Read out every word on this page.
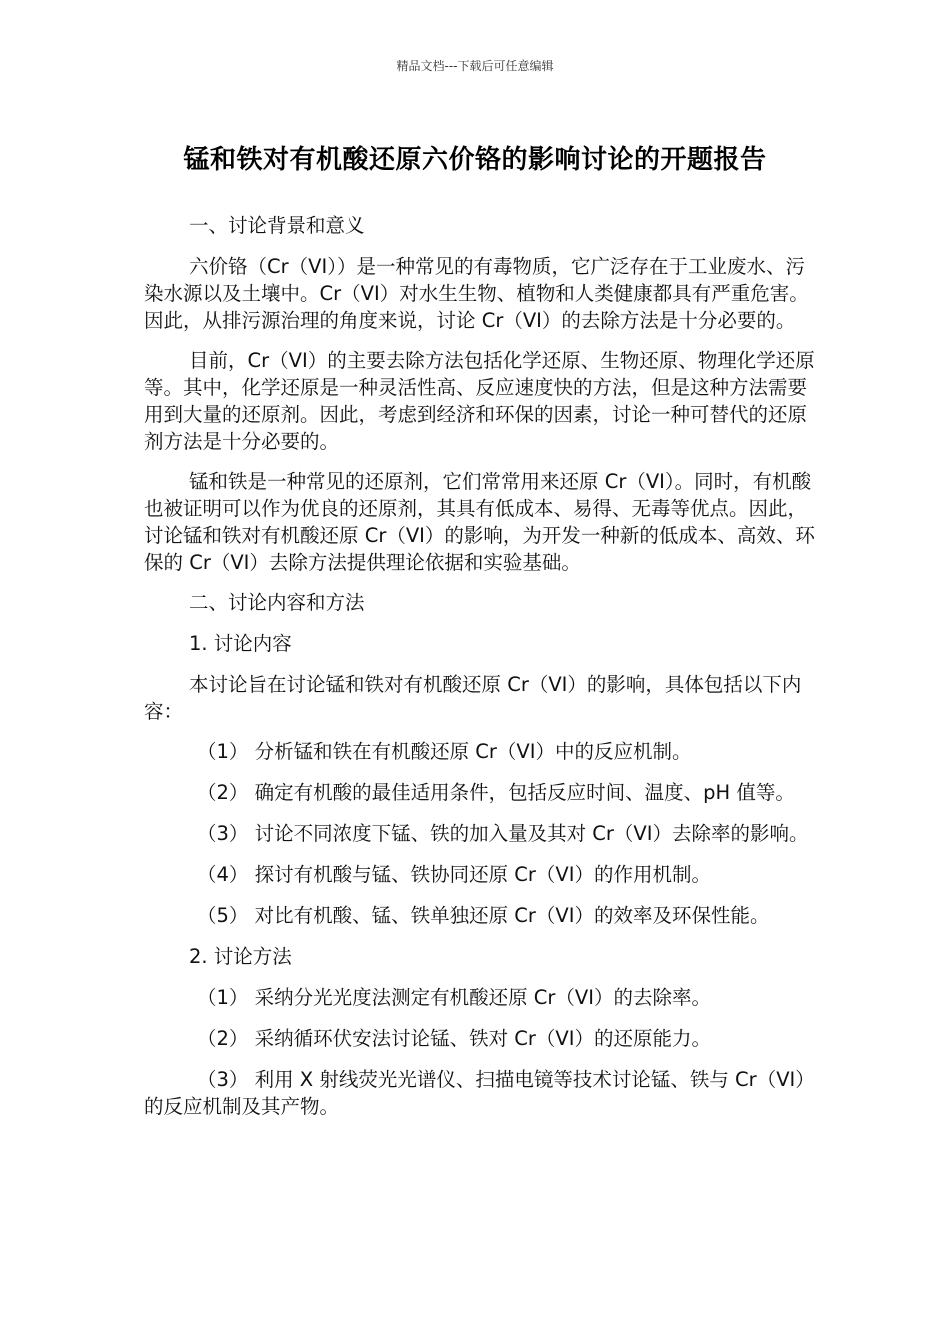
精品文档---下载后可任意编辑
锰和铁对有机酸还原六价铬的影响讨论的开题报告
一、讨论背景和意义

六价铬（Cr（VI））是一种常见的有毒物质，它广泛存在于工业废水、污染水源以及土壤中。Cr（VI）对水生生物、植物和人类健康都具有严重危害。因此，从排污源治理的角度来说，讨论 Cr（VI）的去除方法是十分必要的。

目前，Cr（VI）的主要去除方法包括化学还原、生物还原、物理化学还原等。其中，化学还原是一种灵活性高、反应速度快的方法，但是这种方法需要用到大量的还原剂。因此，考虑到经济和环保的因素，讨论一种可替代的还原剂方法是十分必要的。

锰和铁是一种常见的还原剂，它们常常用来还原 Cr（VI）。同时，有机酸也被证明可以作为优良的还原剂，其具有低成本、易得、无毒等优点。因此，讨论锰和铁对有机酸还原 Cr（VI）的影响，为开发一种新的低成本、高效、环保的 Cr（VI）去除方法提供理论依据和实验基础。

二、讨论内容和方法
1. 讨论内容

本讨论旨在讨论锰和铁对有机酸还原 Cr（VI）的影响，具体包括以下内容：

（1） 分析锰和铁在有机酸还原 Cr（VI）中的反应机制。

（2） 确定有机酸的最佳适用条件，包括反应时间、温度、pH 值等。

（3） 讨论不同浓度下锰、铁的加入量及其对 Cr（VI）去除率的影响。

（4） 探讨有机酸与锰、铁协同还原 Cr（VI）的作用机制。

（5） 对比有机酸、锰、铁单独还原 Cr（VI）的效率及环保性能。

2. 讨论方法

（1） 采纳分光光度法测定有机酸还原 Cr（VI）的去除率。

（2） 采纳循环伏安法讨论锰、铁对 Cr（VI）的还原能力。

（3） 利用 X 射线荧光光谱仪、扫描电镜等技术讨论锰、铁与 Cr（VI）的反应机制及其产物。
